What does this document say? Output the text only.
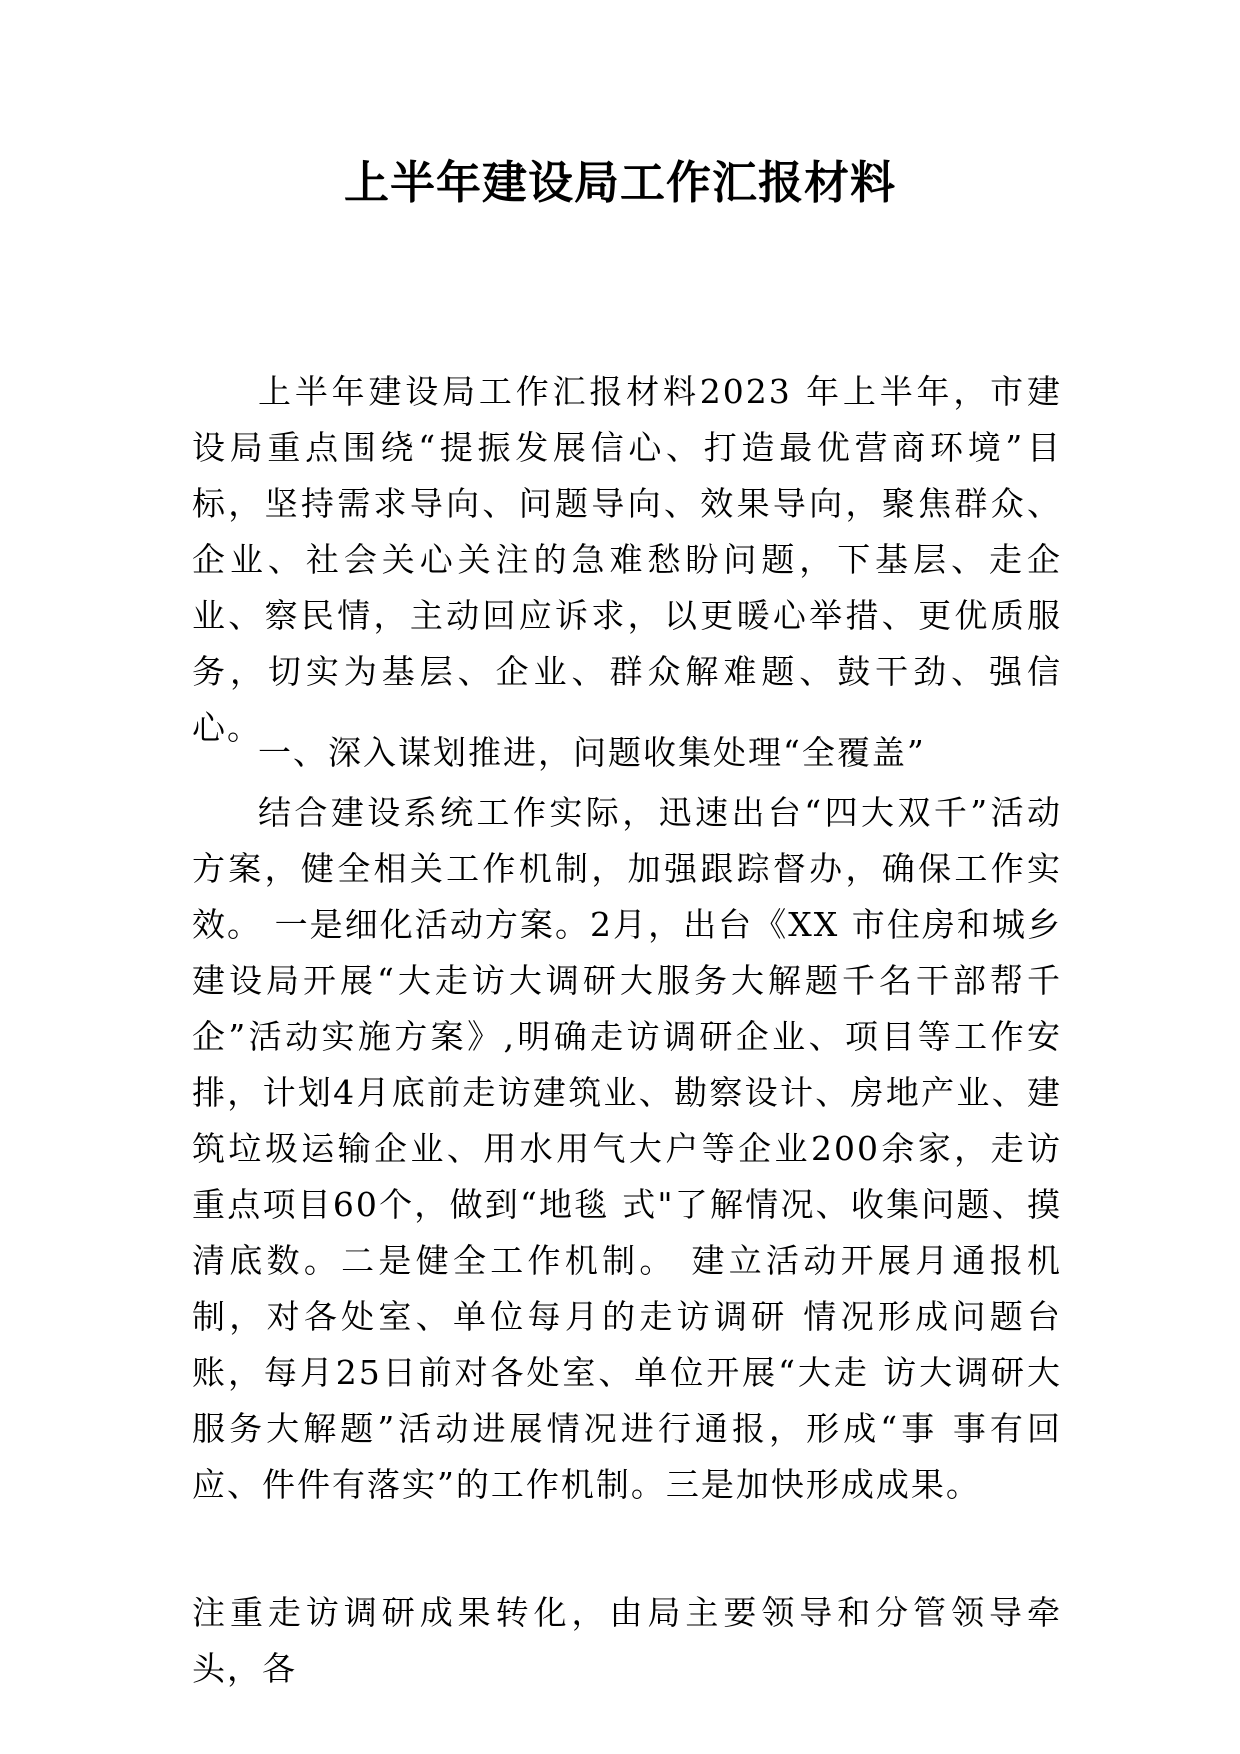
上半年建设局工作汇报材料

上半年建设局工作汇报材料2023 年上半年，市建设局重点围绕“提振发展信心、打造最优营商环境”目标，坚持需求导向、问题导向、效果导向，聚焦群众、企业、社会关心关注的急难愁盼问题，下基层、走企业、察民情，主动回应诉求，以更暖心举措、更优质服务，切实为基层、企业、群众解难题、鼓干劲、强信心。

一、深入谋划推进，问题收集处理“全覆盖”

结合建设系统工作实际，迅速出台“四大双千”活动方案，健全相关工作机制，加强跟踪督办，确保工作实效。 一是细化活动方案。2月，出台《XX 市住房和城乡建设局开展“大走访大调研大服务大解题千名干部帮千企”活动实施方案》,明确走访调研企业、项目等工作安排，计划4月底前走访建筑业、勘察设计、房地产业、建筑垃圾运输企业、用水用气大户等企业200余家，走访重点项目60个，做到“地毯 式"了解情况、收集问题、摸清底数。二是健全工作机制。 建立活动开展月通报机制，对各处室、单位每月的走访调研 情况形成问题台账，每月25日前对各处室、单位开展“大走 访大调研大服务大解题”活动进展情况进行通报，形成“事 事有回应、件件有落实”的工作机制。三是加快形成成果。

注重走访调研成果转化，由局主要领导和分管领导牵头，各
